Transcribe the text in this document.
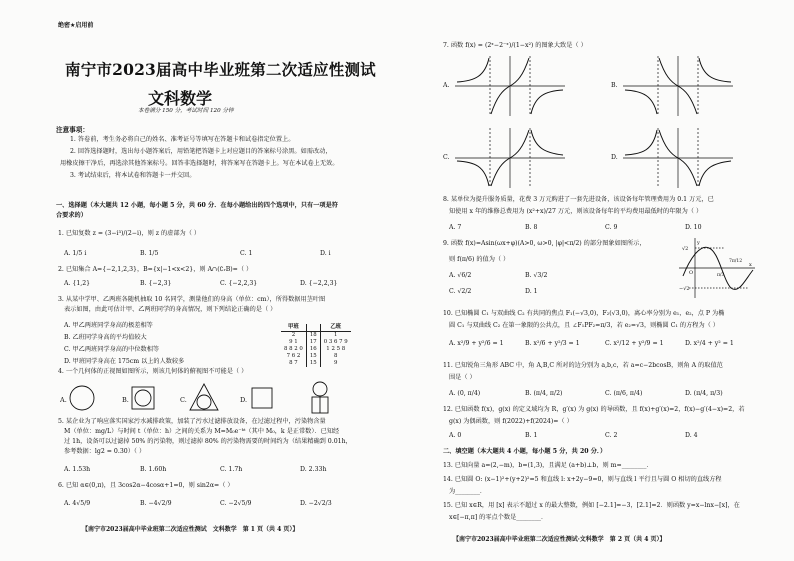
绝密★启用前
南宁市2023届高中毕业班第二次适应性测试
文科数学
本卷满分 150 分，考试时间 120 分钟
注意事项：
1. 答卷前，考生务必将自己的姓名、准考证号等填写在答题卡和试卷指定位置上。
2. 回答选择题时，选出每小题答案后，用铅笔把答题卡上对应题目的答案标号涂黑。如需改动，
用橡皮擦干净后，再选涂其他答案标号。回答非选择题时，将答案写在答题卡上。写在本试卷上无效。
3. 考试结束后，将本试卷和答题卡一并交回。
一、选择题（本大题共 12 小题，每小题 5 分，共 60 分．在每小题给出的四个选项中，只有一项是符
合要求的）
1. 已知复数 z = (3−i³)/(2−i)，则 z 的虚部为（ ）
A. 1/5 i	B. 1/5	C. 1	D. i
2. 已知集合 A={−2,1,2,3}，B={x|−1<x<2}，则 A∩(∁ᵣB)=（ ）
A. {1,2}	B. {−2,3}	C. {−2,2,3}	D. {−2,2,3}
3. 从某中学甲、乙两班各随机抽取 10 名同学，测量他们的身高（单位：cm），所得数据用茎叶图
表示如图，由此可估计甲、乙两班同学的身高情况，则下列结论正确的是（ ）
A. 甲乙两班同学身高的极差相等
B. 乙班同学身高的平均值较大
C. 甲乙两班同学身高的中位数相等
D. 甲班同学身高在 175cm 以上的人数较多
甲班		乙班
2	18	1
9 1	17	0 3 6 7 9
8 8 2 0	16	1 2 5 8
7 6 2	15	8
8 7	15	9
4. 一个几何体的正视图如图所示，则该几何体的俯视图不可能是（ ）
A.	B.	C.	D.
5. 某企业为了响应落实国家污水减排政策，加装了污水过滤排放设备，在过滤过程中，污染物含量
M（单位：mg/L）与时间 t（单位：h）之间的关系为 M=M₀e⁻ᵏᵗ（其中 M₀，k 是正常数）．已知经
过 1h，设备可以过滤掉 50% 的污染物，则过滤掉 80% 的污染物需要的时间约为（结果精确到 0.01h，
参考数据：lg2 = 0.30）（ ）
A. 1.53h	B. 1.60h	C. 1.7h	D. 2.33h
6. 已知 α∈(0,π)，且 3cos2α−4cosα+1=0，则 sin2α=（ ）
A. 4√5/9	B. −4√2/9	C. −2√5/9	D. −2√2/3
【南宁市2023届高中毕业班第二次适应性测试　文科数学　第 1 页（共 4 页）】
7. 函数 f(x) = (2ˣ−2⁻ˣ)/(1−x²) 的图象大致是（ ）
A.	B.
C.	D.
8. 某单位为提升服务质量，花费 3 万元购进了一套先进设备，该设备每年管理费用为 0.1 万元，已
知使用 x 年的维修总费用为 (x²+x)/27 万元，则该设备每年的平均费用最低时的年限为（ ）
A. 7	B. 8	C. 9	D. 10
9. 函数 f(x)=Asin(ωx+φ)(A>0, ω>0, |φ|<π/2) 的部分图象如图所示，
则 f(π/6) 的值为（ ）
A. √6/2	B. √3/2
C. √2/2	D. 1
y
x
O
√2
−√2
7π/12
π/3
10. 已知椭圆 C₁ 与双曲线 C₂ 有共同的焦点 F₁(−√3,0)，F₂(√3,0)，离心率分别为 e₁，e₂，点 P 为椭
圆 C₁ 与双曲线 C₂ 在第一象限的公共点，且 ∠F₁PF₂=π/3，若 e₂=√3，则椭圆 C₁ 的方程为（ ）
A. x²/9 + y²/6 = 1	B. x²/6 + y²/3 = 1	C. x²/12 + y²/9 = 1	D. x²/4 + y² = 1
11. 已知锐角三角形 ABC 中，角 A,B,C 所对的边分别为 a,b,c，若 a=c−2bcosB，则角 A 的取值范
围是（ ）
A. (0, π/4)	B. (π/4, π/2)	C. (π/6, π/4)	D. (π/4, π/3)
12. 已知函数 f(x)，g(x) 的定义域均为 R，g′(x) 为 g(x) 的导函数，且 f(x)+g′(x)=2，f(x)−g′(4−x)=2，若
g(x) 为偶函数，则 f(2022)+f(2024)=（ ）
A. 0	B. 1	C. 2	D. 4
二、填空题（本大题共 4 小题，每小题 5 分，共 20 分．）
13. 已知向量 a=(2,−m)，b=(1,3)，且满足 (a+b)⊥b，则 m=________．
14. 已知圆 O: (x−1)²+(y+2)²=5 和直线 l: x+2y−9=0，则与直线 l 平行且与圆 O 相切的直线方程
为________．
15. 已知 x∈R，用 [x] 表示不超过 x 的最大整数，例如 [−2.1]=−3，[2.1]=2．则函数 y=x−lnx−[x]，在
x∈[−π,π] 的零点个数是________．
【南宁市2023届高中毕业班第二次适应性测试·文科数学　第 2 页（共 4 页）】
